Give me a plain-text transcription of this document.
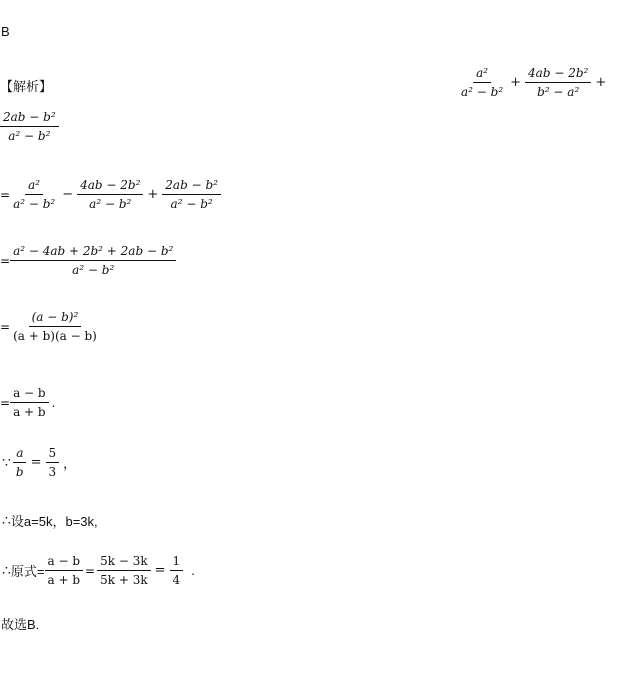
B
【解析】	$\frac{\text{a²}}{\text{a² − b²}} + \frac{\text{4ab − 2b²}}{\text{b² − a²}}$ +
$\frac{\text{2ab − b²}}{\text{a² − b²}}$
= $\frac{\text{a²}}{\text{a² − b²}} - \frac{\text{4ab − 2b²}}{\text{a² − b²}} + \frac{\text{2ab − b²}}{\text{a² − b²}}$
= $\frac{\text{a² − 4ab + 2b² + 2ab − b²}}{\text{a² − b²}}$
= $\frac{\text{(a − b)²}}{(a + b)(a - b)}$
= $\frac{a - b}{a + b}$ .
∵ $\frac{a}{b} = \frac{5}{3}$ ，
∴ 设a=5k，b=3k,
∴ 原式= $\frac{a - b}{a + b} = \frac{5k - 3k}{5k + 3k} = \frac{1}{4}$ .
故选B.
